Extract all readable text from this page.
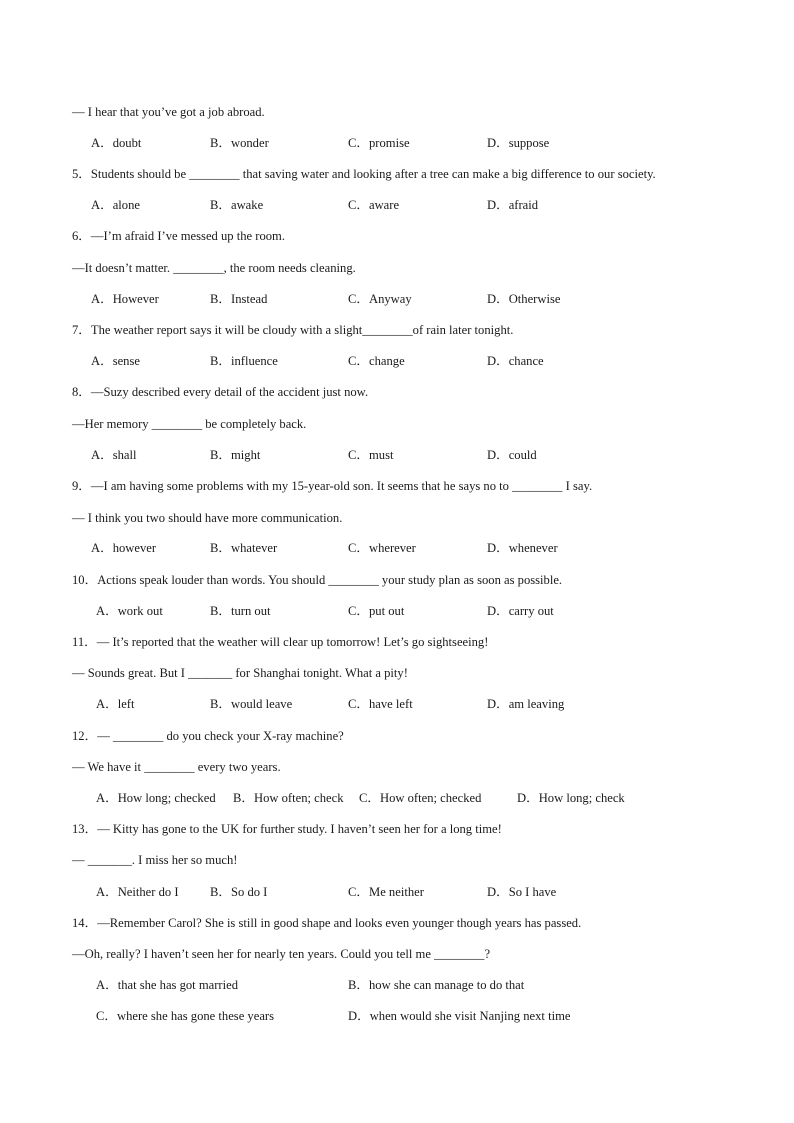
— I hear that you’ve got a job abroad.
A．doubt	B．wonder	C．promise	D．suppose
5．Students should be ________ that saving water and looking after a tree can make a big difference to our society.
A．alone	B．awake	C．aware	D．afraid
6．—I’m afraid I’ve messed up the room.
—It doesn’t matter. ________, the room needs cleaning.
A．However	B．Instead	C．Anyway	D．Otherwise
7．The weather report says it will be cloudy with a slight________of rain later tonight.
A．sense	B．influence	C．change	D．chance
8．—Suzy described every detail of the accident just now.
—Her memory ________ be completely back.
A．shall	B．might	C．must	D．could
9．—I am having some problems with my 15-year-old son. It seems that he says no to ________ I say.
— I think you two should have more communication.
A．however	B．whatever	C．wherever	D．whenever
10．Actions speak louder than words. You should ________ your study plan as soon as possible.
A．work out	B．turn out	C．put out	D．carry out
11．— It’s reported that the weather will clear up tomorrow! Let’s go sightseeing!
— Sounds great. But I _______ for Shanghai tonight. What a pity!
A．left	B．would leave	C．have left	D．am leaving
12．— ________ do you check your X-ray machine?
— We have it ________ every two years.
A．How long; checked B．How often; check C．How often; checked	D．How long; check
13．— Kitty has gone to the UK for further study. I haven’t seen her for a long time!
— _______. I miss her so much!
A．Neither do I B．So do I	C．Me neither	D．So I have
14．—Remember Carol? She is still in good shape and looks even younger though years has passed.
—Oh, really? I haven’t seen her for nearly ten years. Could you tell me ________?
A．that she has got married	B．how she can manage to do that
C．where she has gone these years	D．when would she visit Nanjing next time
